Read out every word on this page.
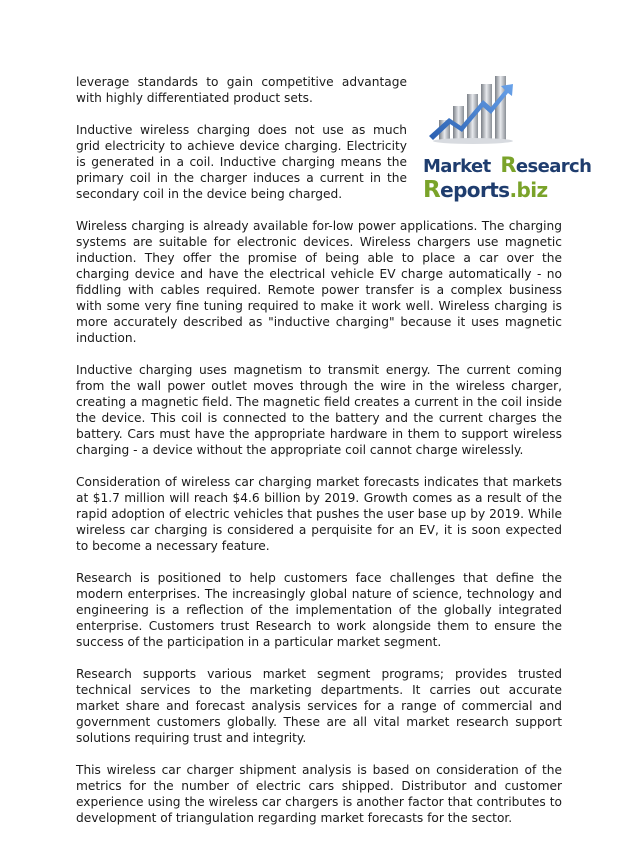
Market Research
Reports.biz

leverage standards to gain competitive advantage with highly differentiated product sets.

Inductive wireless charging does not use as much grid electricity to achieve device charging. Electricity is generated in a coil. Inductive charging means the primary coil in the charger induces a current in the secondary coil in the device being charged.

Wireless charging is already available for-low power applications. The charging systems are suitable for electronic devices. Wireless chargers use magnetic induction. They offer the promise of being able to place a car over the charging device and have the electrical vehicle EV charge automatically - no fiddling with cables required. Remote power transfer is a complex business with some very fine tuning required to make it work well. Wireless charging is more accurately described as "inductive charging" because it uses magnetic induction.

Inductive charging uses magnetism to transmit energy. The current coming from the wall power outlet moves through the wire in the wireless charger, creating a magnetic field. The magnetic field creates a current in the coil inside the device. This coil is connected to the battery and the current charges the battery. Cars must have the appropriate hardware in them to support wireless charging - a device without the appropriate coil cannot charge wirelessly.

Consideration of wireless car charging market forecasts indicates that markets at $1.7 million will reach $4.6 billion by 2019. Growth comes as a result of the rapid adoption of electric vehicles that pushes the user base up by 2019. While wireless car charging is considered a perquisite for an EV, it is soon expected to become a necessary feature.

Research is positioned to help customers face challenges that define the modern enterprises. The increasingly global nature of science, technology and engineering is a reflection of the implementation of the globally integrated enterprise. Customers trust Research to work alongside them to ensure the success of the participation in a particular market segment.

Research supports various market segment programs; provides trusted technical services to the marketing departments. It carries out accurate market share and forecast analysis services for a range of commercial and government customers globally. These are all vital market research support solutions requiring trust and integrity.

This wireless car charger shipment analysis is based on consideration of the metrics for the number of electric cars shipped. Distributor and customer experience using the wireless car chargers is another factor that contributes to development of triangulation regarding market forecasts for the sector.
